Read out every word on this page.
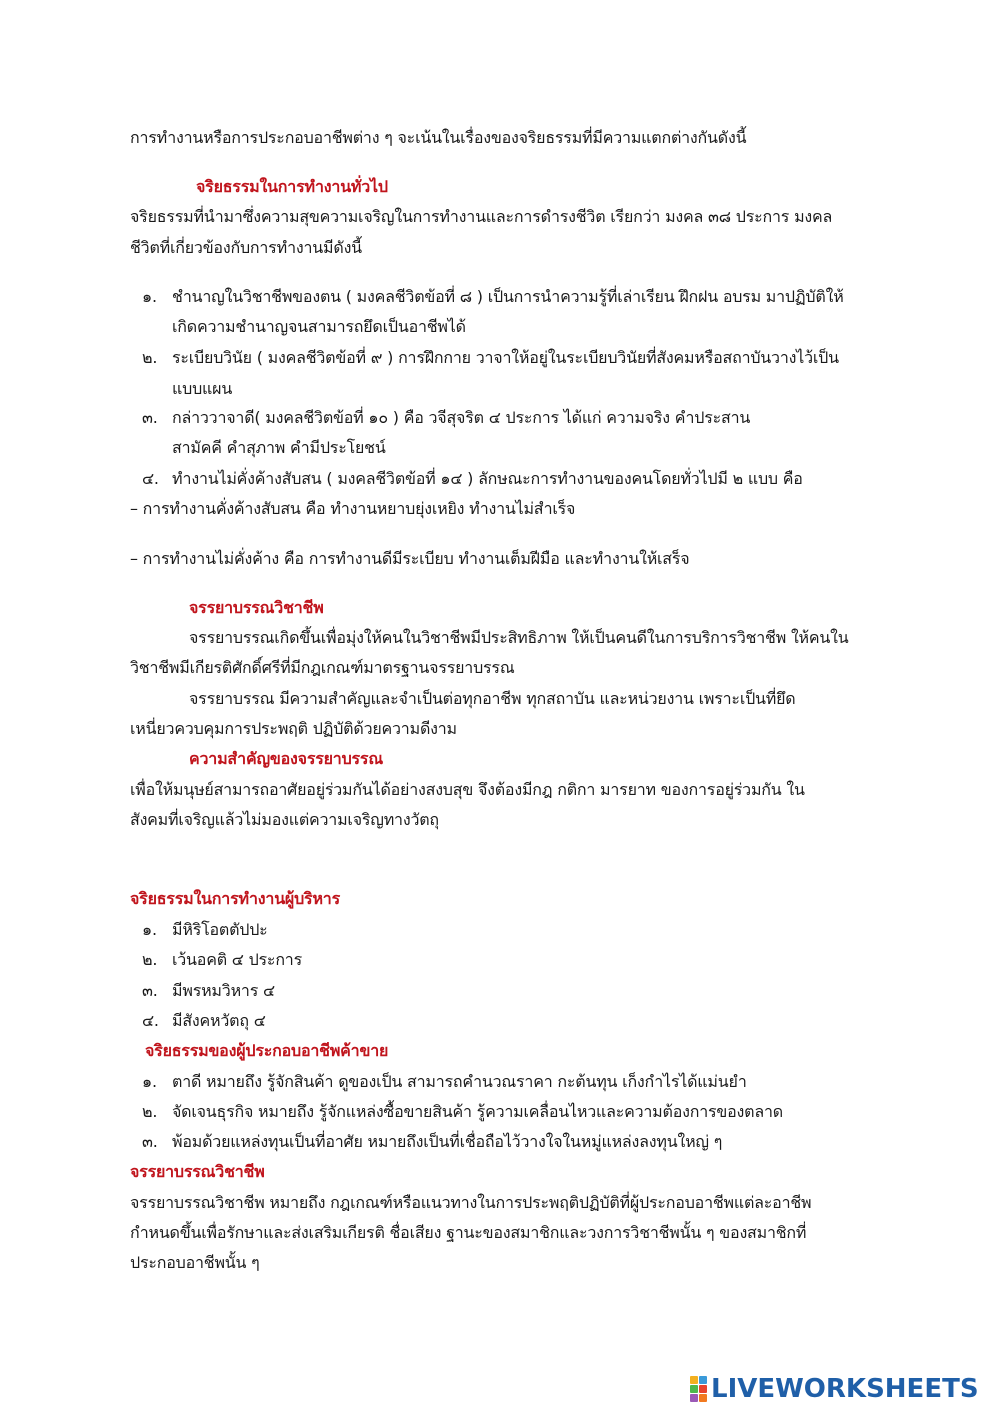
การทำงานหรือการประกอบอาชีพต่าง ๆ จะเน้นในเรื่องของจริยธรรมที่มีความแตกต่างกันดังนี้
จริยธรรมในการทำงานทั่วไป
จริยธรรมที่นำมาซึ่งความสุขความเจริญในการทำงานและการดำรงชีวิต เรียกว่า มงคล ๓๘ ประการ มงคล
ชีวิตที่เกี่ยวข้องกับการทำงานมีดังนี้
๑. ชำนาญในวิชาชีพของตน ( มงคลชีวิตข้อที่ ๘ ) เป็นการนำความรู้ที่เล่าเรียน ฝึกฝน อบรม มาปฏิบัติให้
เกิดความชำนาญจนสามารถยึดเป็นอาชีพได้
๒. ระเบียบวินัย ( มงคลชีวิตข้อที่ ๙ ) การฝึกกาย วาจาให้อยู่ในระเบียบวินัยที่สังคมหรือสถาบันวางไว้เป็น
แบบแผน
๓. กล่าววาจาดี( มงคลชีวิตข้อที่ ๑๐ ) คือ วจีสุจริต ๔ ประการ ได้แก่ ความจริง คำประสาน
สามัคคี คำสุภาพ คำมีประโยชน์
๔. ทำงานไม่คั่งค้างสับสน ( มงคลชีวิตข้อที่ ๑๔ ) ลักษณะการทำงานของคนโดยทั่วไปมี ๒ แบบ คือ
– การทำงานคั่งค้างสับสน คือ ทำงานหยาบยุ่งเหยิง ทำงานไม่สำเร็จ
– การทำงานไม่คั่งค้าง คือ การทำงานดีมีระเบียบ ทำงานเต็มฝีมือ และทำงานให้เสร็จ
จรรยาบรรณวิชาชีพ
จรรยาบรรณเกิดขึ้นเพื่อมุ่งให้คนในวิชาชีพมีประสิทธิภาพ ให้เป็นคนดีในการบริการวิชาชีพ ให้คนใน
วิชาชีพมีเกียรติศักดิ์ศรีที่มีกฎเกณฑ์มาตรฐานจรรยาบรรณ
จรรยาบรรณ มีความสำคัญและจำเป็นต่อทุกอาชีพ ทุกสถาบัน และหน่วยงาน เพราะเป็นที่ยึด
เหนี่ยวควบคุมการประพฤติ ปฏิบัติด้วยความดีงาม
ความสำคัญของจรรยาบรรณ
เพื่อให้มนุษย์สามารถอาศัยอยู่ร่วมกันได้อย่างสงบสุข จึงต้องมีกฎ กติกา มารยาท ของการอยู่ร่วมกัน ใน
สังคมที่เจริญแล้วไม่มองแต่ความเจริญทางวัตถุ
จริยธรรมในการทำงานผู้บริหาร
๑. มีหิริโอตตัปปะ
๒. เว้นอคติ ๔ ประการ
๓. มีพรหมวิหาร ๔
๔. มีสังคหวัตถุ ๔
จริยธรรมของผู้ประกอบอาชีพค้าขาย
๑. ตาดี หมายถึง รู้จักสินค้า ดูของเป็น สามารถคำนวณราคา กะต้นทุน เก็งกำไรได้แม่นยำ
๒. จัดเจนธุรกิจ หมายถึง รู้จักแหล่งซื้อขายสินค้า รู้ความเคลื่อนไหวและความต้องการของตลาด
๓. พ้อมด้วยแหล่งทุนเป็นที่อาศัย หมายถึงเป็นที่เชื่อถือไว้วางใจในหมู่แหล่งลงทุนใหญ่ ๆ
จรรยาบรรณวิชาชีพ
จรรยาบรรณวิชาชีพ หมายถึง กฎเกณฑ์หรือแนวทางในการประพฤติปฏิบัติที่ผู้ประกอบอาชีพแต่ละอาชีพ
กำหนดขึ้นเพื่อรักษาและส่งเสริมเกียรติ ชื่อเสียง ฐานะของสมาชิกและวงการวิชาชีพนั้น ๆ ของสมาชิกที่
ประกอบอาชีพนั้น ๆ
LIVEWORKSHEETS
